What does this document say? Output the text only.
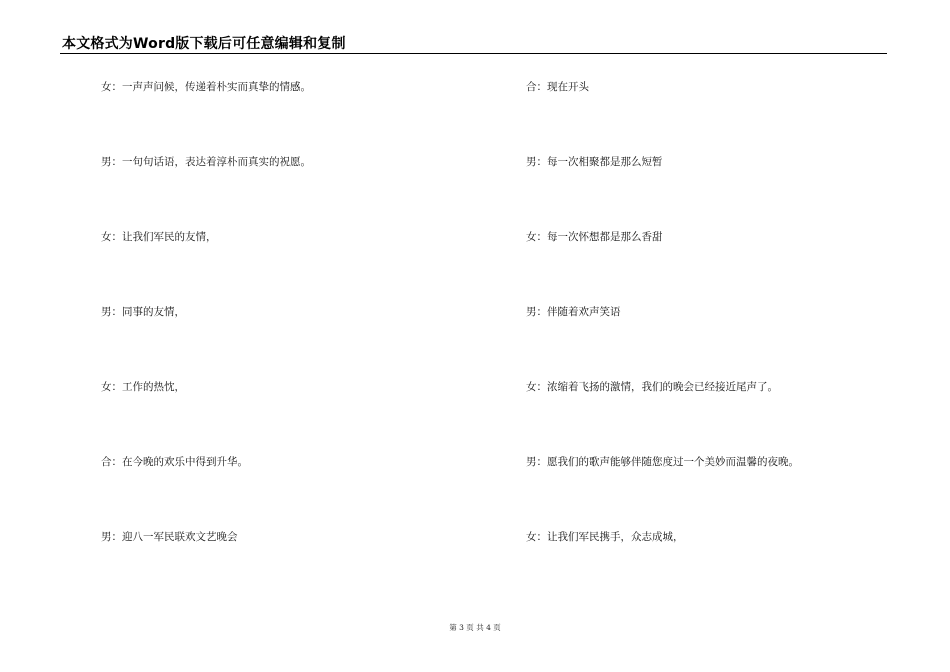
本文格式为Word版下载后可任意编辑和复制
女：一声声问候，传递着朴实而真挚的情感。
男：一句句话语，表达着淳朴而真实的祝愿。
女：让我们军民的友情，
男：同事的友情，
女：工作的热忱，
合：在今晚的欢乐中得到升华。
男：迎八一军民联欢文艺晚会
合：现在开头
男：每一次相聚都是那么短暂
女：每一次怀想都是那么香甜
男：伴随着欢声笑语
女：浓缩着飞扬的激情，我们的晚会已经接近尾声了。
男：愿我们的歌声能够伴随您度过一个美妙而温馨的夜晚。
女：让我们军民携手，众志成城，
第 3 页 共 4 页
